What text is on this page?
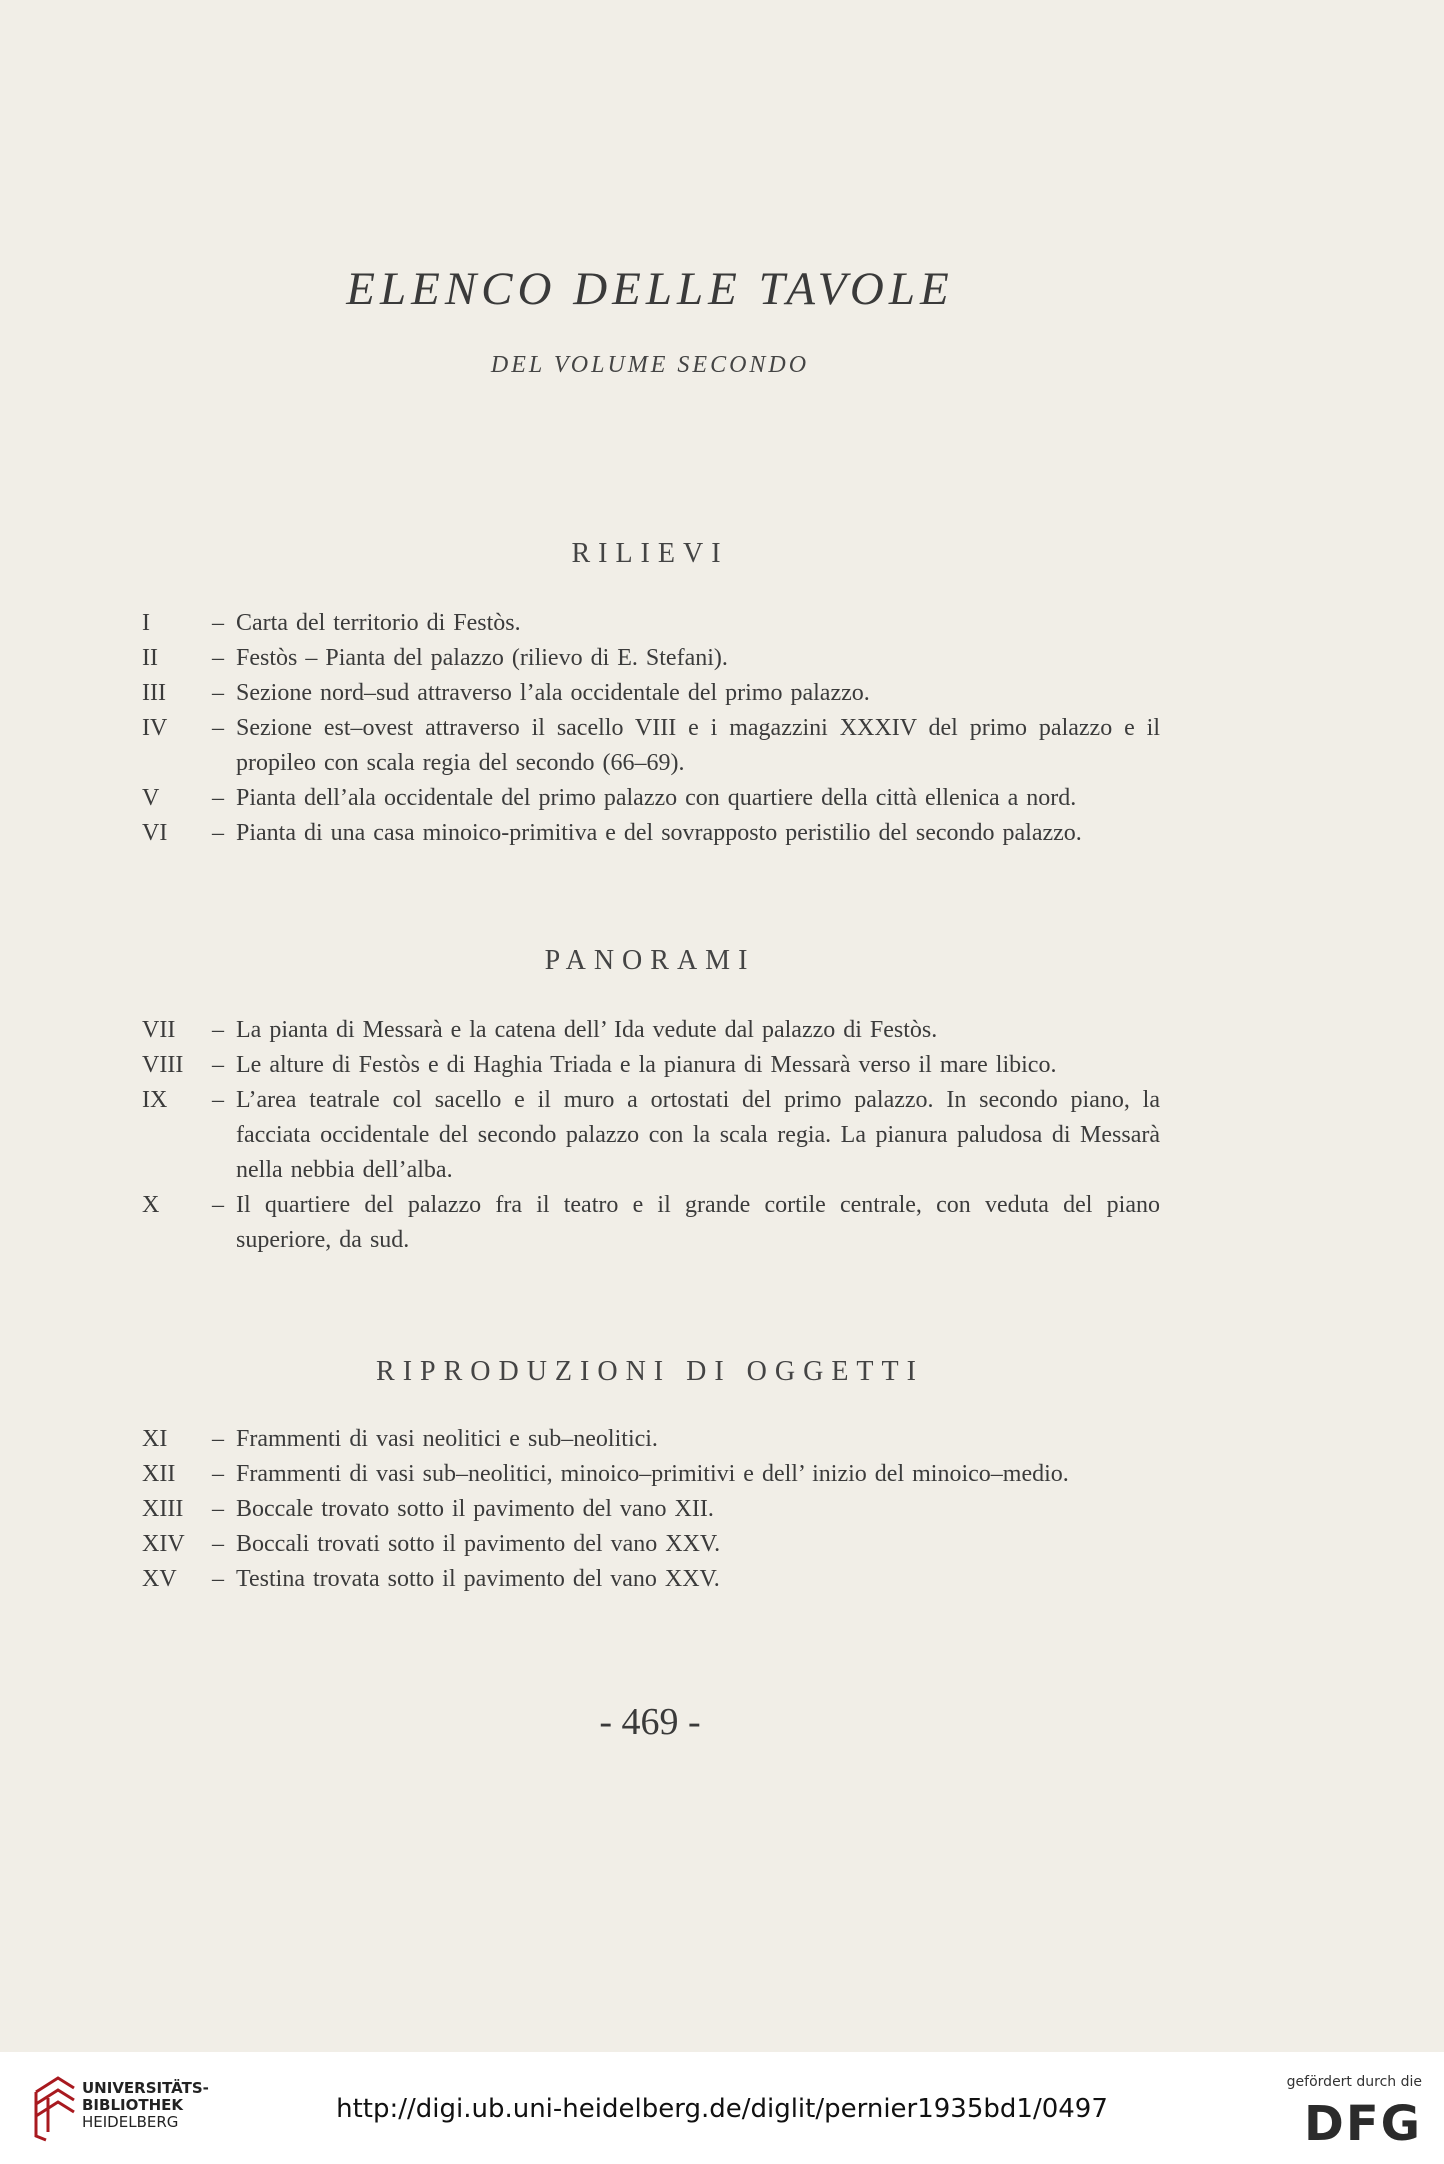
ELENCO DELLE TAVOLE
DEL VOLUME SECONDO
RILIEVI
I	– Carta del territorio di Festòs.
II	– Festòs – Pianta del palazzo (rilievo di E. Stefani).
III	– Sezione nord–sud attraverso l’ala occidentale del primo palazzo.
IV	– Sezione est–ovest attraverso il sacello VIII e i magazzini XXXIV del primo palazzo e il propileo con scala regia del secondo (66–69).
V	– Pianta dell’ala occidentale del primo palazzo con quartiere della città ellenica a nord.
VI	– Pianta di una casa minoico-primitiva e del sovrapposto peristilio del secondo palazzo.
PANORAMI
VII	– La pianta di Messarà e la catena dell’ Ida vedute dal palazzo di Festòs.
VIII	– Le alture di Festòs e di Haghia Triada e la pianura di Messarà verso il mare libico.
IX	– L’area teatrale col sacello e il muro a ortostati del primo palazzo. In secondo piano, la facciata occidentale del secondo palazzo con la scala regia. La pianura paludosa di Messarà nella nebbia dell’alba.
X	– Il quartiere del palazzo fra il teatro e il grande cortile centrale, con veduta del piano superiore, da sud.
RIPRODUZIONI DI OGGETTI
XI	– Frammenti di vasi neolitici e sub–neolitici.
XII	– Frammenti di vasi sub–neolitici, minoico–primitivi e dell’ inizio del minoico–medio.
XIII	– Boccale trovato sotto il pavimento del vano XII.
XIV	– Boccali trovati sotto il pavimento del vano XXV.
XV	– Testina trovata sotto il pavimento del vano XXV.
- 469 -
UNIVERSITÄTS-
BIBLIOTHEK
HEIDELBERG	http://digi.ub.uni-heidelberg.de/diglit/pernier1935bd1/0497
gefördert durch die
DFG
